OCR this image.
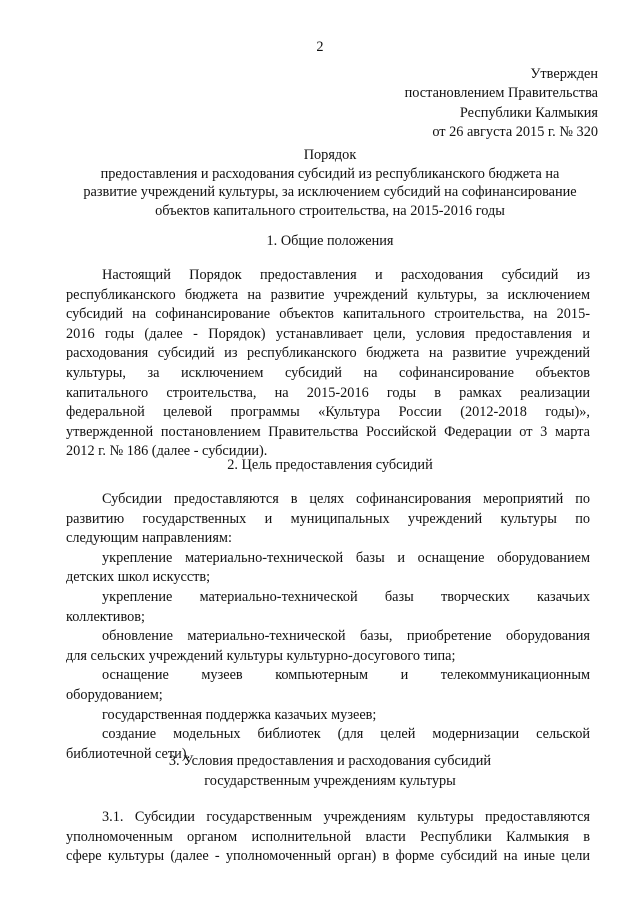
2
Утвержден
постановлением Правительства
Республики Калмыкия
от 26 августа 2015 г. № 320
Порядок
предоставления и расходования субсидий из республиканского бюджета на
развитие учреждений культуры, за исключением субсидий на софинансирование
объектов капитального строительства, на 2015-2016 годы
1. Общие положения
Настоящий Порядок предоставления и расходования субсидий из
республиканского бюджета на развитие учреждений культуры, за исключением
субсидий на софинансирование объектов капитального строительства, на 2015-
2016 годы (далее - Порядок) устанавливает цели, условия предоставления и
расходования субсидий из республиканского бюджета на развитие учреждений
культуры, за исключением субсидий на софинансирование объектов
капитального строительства, на 2015-2016 годы в рамках реализации
федеральной целевой программы «Культура России (2012-2018 годы)»,
утвержденной постановлением Правительства Российской Федерации от 3 марта
2012 г. № 186 (далее - субсидии).
2. Цель предоставления субсидий
Субсидии предоставляются в целях софинансирования мероприятий по
развитию государственных и муниципальных учреждений культуры по
следующим направлениям:
укрепление материально-технической базы и оснащение оборудованием
детских школ искусств;
укрепление материально-технической базы творческих казачьих
коллективов;
обновление материально-технической базы, приобретение оборудования
для сельских учреждений культуры культурно-досугового типа;
оснащение музеев компьютерным и телекоммуникационным
оборудованием;
государственная поддержка казачьих музеев;
создание модельных библиотек (для целей модернизации сельской
библиотечной сети).
3. Условия предоставления и расходования субсидий
государственным учреждениям культуры
3.1. Субсидии государственным учреждениям культуры предоставляются
уполномоченным органом исполнительной власти Республики Калмыкия в
сфере культуры (далее - уполномоченный орган) в форме субсидий на иные цели
